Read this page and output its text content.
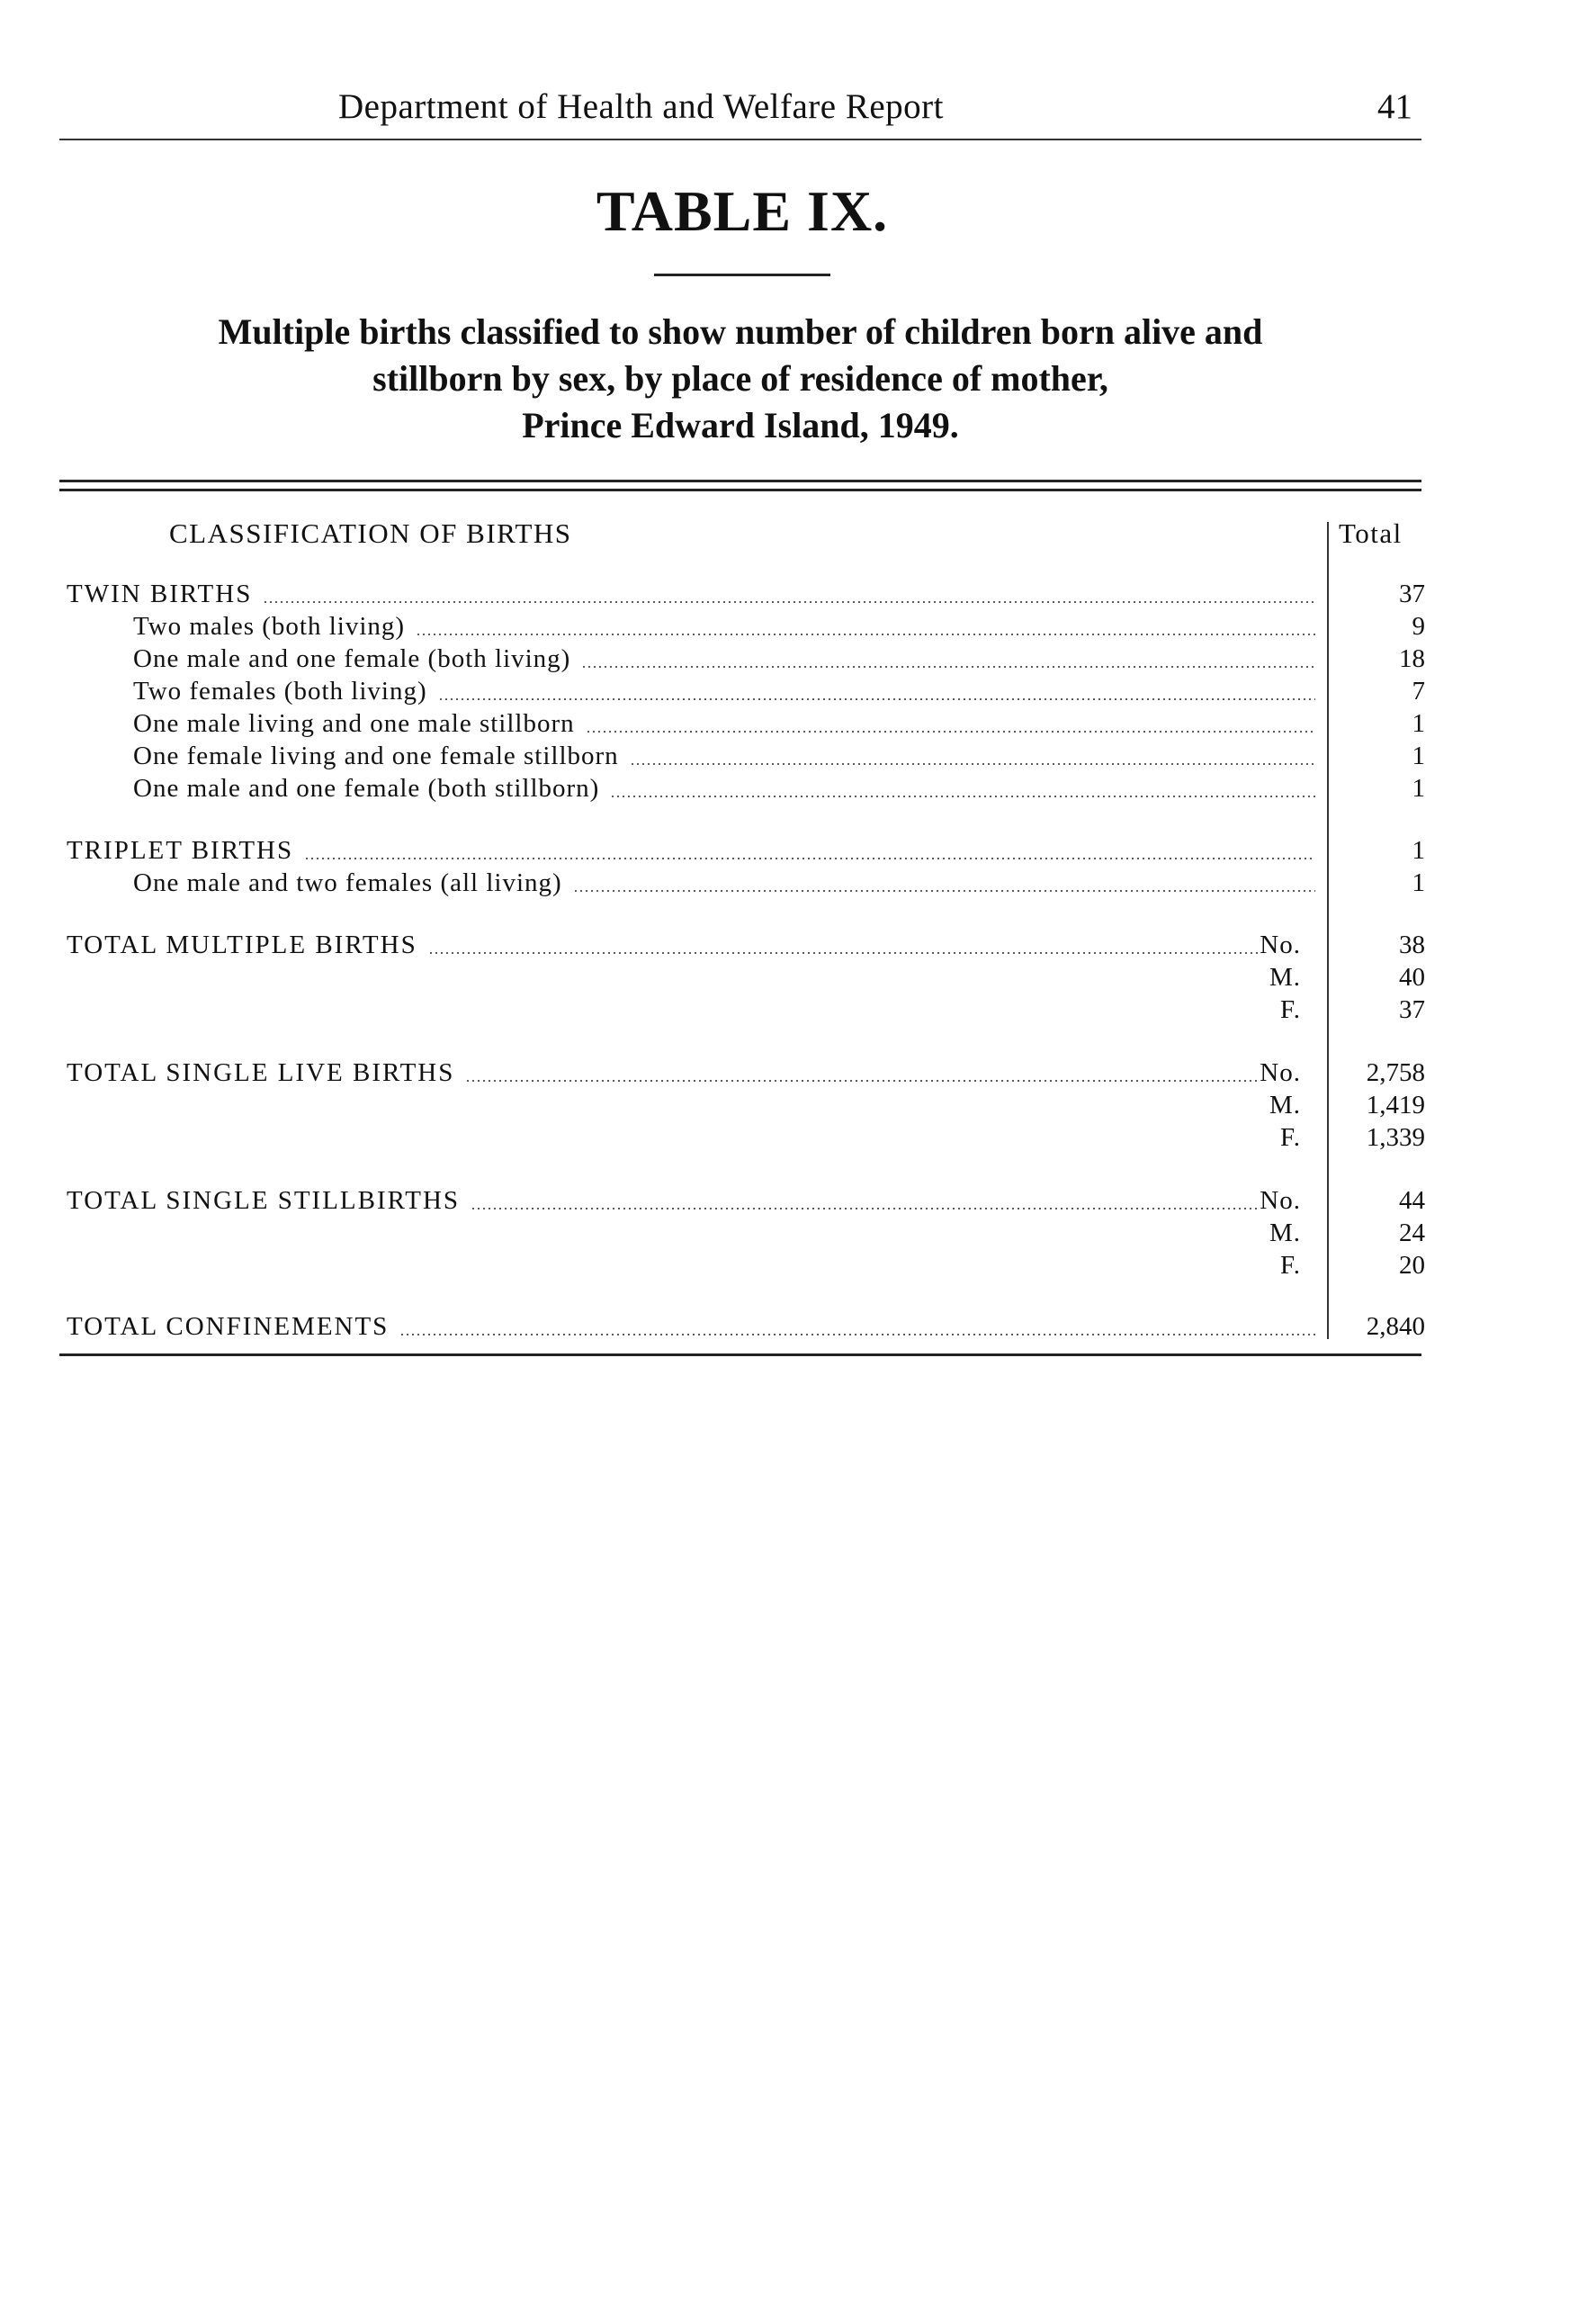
Department of Health and Welfare Report	41
TABLE IX.
Multiple births classified to show number of children born alive and
stillborn by sex, by place of residence of mother,
Prince Edward Island, 1949.
CLASSIFICATION OF BIRTHS	Total
TWIN BIRTHS	37
Two males (both living)	9
One male and one female (both living)	18
Two females (both living)	7
One male living and one male stillborn	1
One female living and one female stillborn	1
One male and one female (both stillborn)	1
TRIPLET BIRTHS	1
One male and two females (all living)	1
TOTAL MULTIPLE BIRTHS	No.	38
M.	40
F.	37
TOTAL SINGLE LIVE BIRTHS	No.	2,758
M.	1,419
F.	1,339
TOTAL SINGLE STILLBIRTHS	No.	44
M.	24
F.	20
TOTAL CONFINEMENTS	2,840
